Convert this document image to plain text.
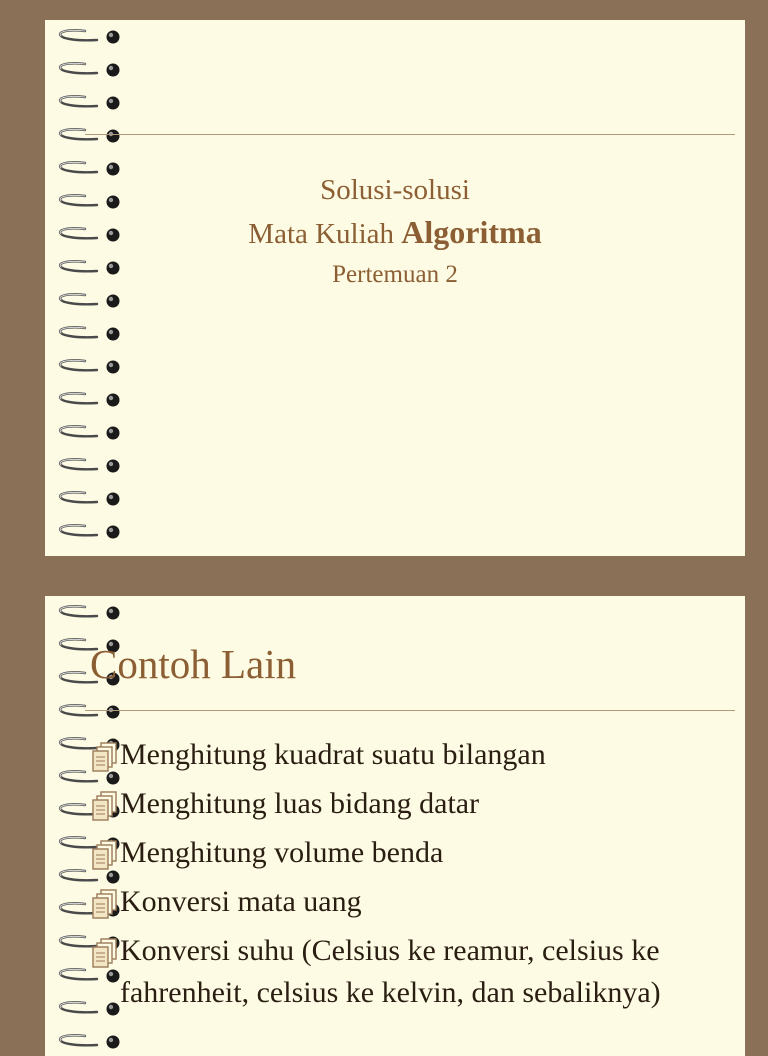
Solusi-solusi
Mata Kuliah Algoritma
Pertemuan 2
Contoh Lain
Menghitung kuadrat suatu bilangan
Menghitung luas bidang datar
Menghitung volume benda
Konversi mata uang
Konversi suhu (Celsius ke reamur, celsius ke fahrenheit, celsius ke kelvin, dan sebaliknya)
